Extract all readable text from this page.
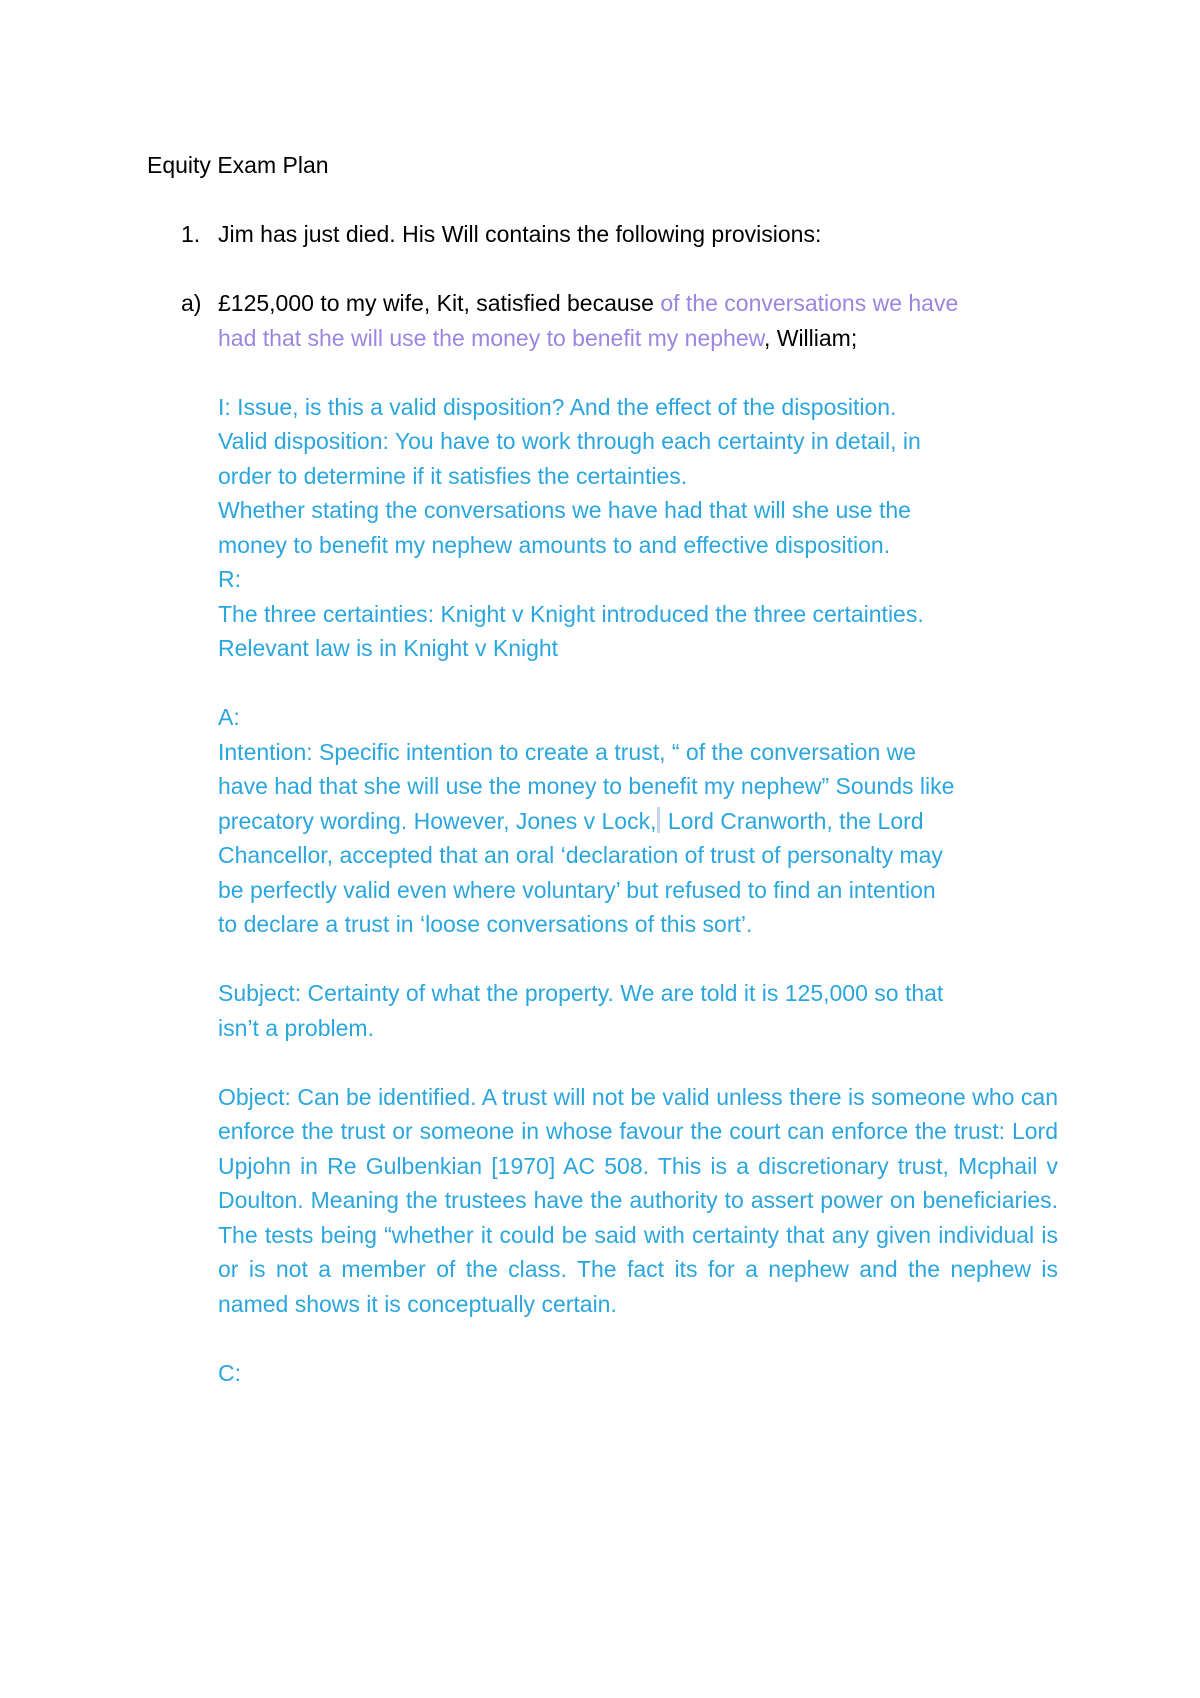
Equity Exam Plan
1. Jim has just died. His Will contains the following provisions:
a) £125,000 to my wife, Kit, satisfied because of the conversations we have
had that she will use the money to benefit my nephew, William;
I: Issue, is this a valid disposition? And the effect of the disposition.
Valid disposition: You have to work through each certainty in detail, in
order to determine if it satisfies the certainties.
Whether stating the conversations we have had that will she use the
money to benefit my nephew amounts to and effective disposition.
R:
The three certainties: Knight v Knight introduced the three certainties.
Relevant law is in Knight v Knight
A:
Intention: Specific intention to create a trust, “ of the conversation we
have had that she will use the money to benefit my nephew” Sounds like
precatory wording. However, Jones v Lock, Lord Cranworth, the Lord
Chancellor, accepted that an oral ‘declaration of trust of personalty may
be perfectly valid even where voluntary’ but refused to find an intention
to declare a trust in ‘loose conversations of this sort’.
Subject: Certainty of what the property. We are told it is 125,000 so that
isn’t a problem.

Object: Can be identified. A trust will not be valid unless there is someone who can enforce the trust or someone in whose favour the court can enforce the trust: Lord Upjohn in Re Gulbenkian [1970] AC 508. This is a discretionary trust, Mcphail v Doulton. Meaning the trustees have the authority to assert power on beneficiaries. The tests being “whether it could be said with certainty that any given individual is or is not a member of the class. The fact its for a nephew and the nephew is named shows it is conceptually certain.

C:
